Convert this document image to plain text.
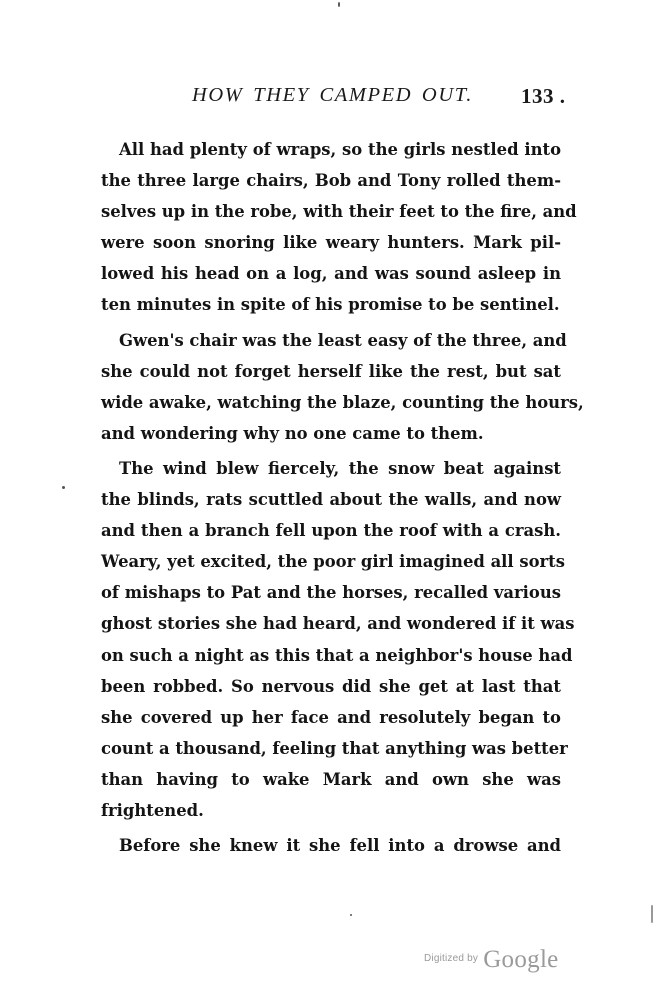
HOW THEY CAMPED OUT. 133 .

All had plenty of wraps, so the girls nestled into
the three large chairs, Bob and Tony rolled them-
selves up in the robe, with their feet to the fire, and
were soon snoring like weary hunters. Mark pil-
lowed his head on a log, and was sound asleep in
ten minutes in spite of his promise to be sentinel.

Gwen's chair was the least easy of the three, and
she could not forget herself like the rest, but sat
wide awake, watching the blaze, counting the hours,
and wondering why no one came to them.

The wind blew fiercely, the snow beat against
the blinds, rats scuttled about the walls, and now
and then a branch fell upon the roof with a crash.
Weary, yet excited, the poor girl imagined all sorts
of mishaps to Pat and the horses, recalled various
ghost stories she had heard, and wondered if it was
on such a night as this that a neighbor's house had
been robbed. So nervous did she get at last that
she covered up her face and resolutely began to
count a thousand, feeling that anything was better
than having to wake Mark and own she was
frightened.

Before she knew it she fell into a drowse and

$^{Digitized by}$ Google
